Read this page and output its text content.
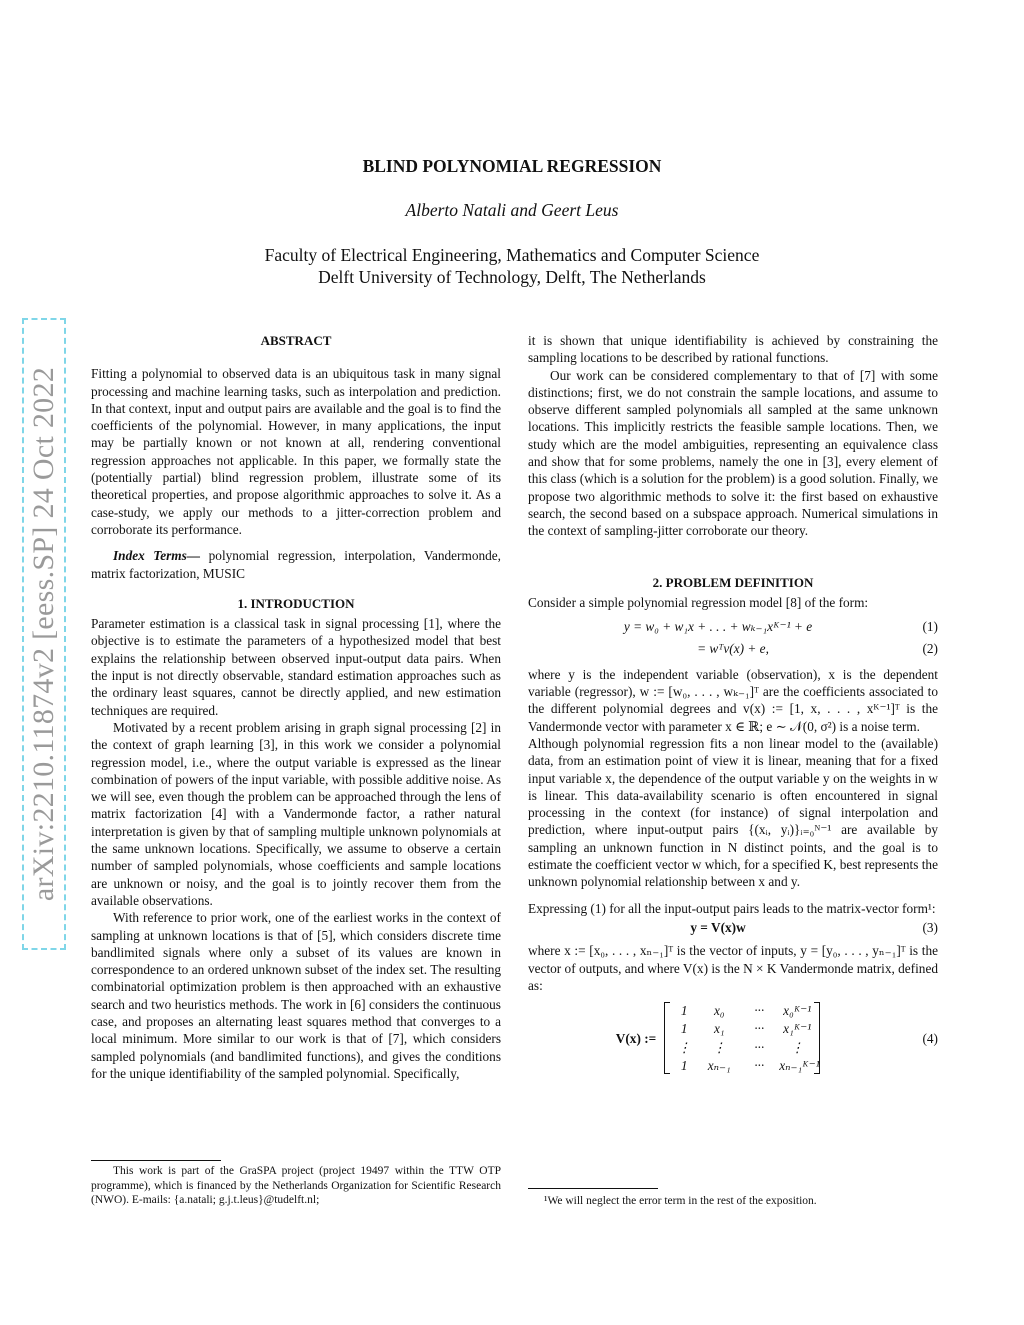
arXiv:2210.11874v2 [eess.SP] 24 Oct 2022
BLIND POLYNOMIAL REGRESSION
Alberto Natali and Geert Leus
Faculty of Electrical Engineering, Mathematics and Computer Science
Delft University of Technology, Delft, The Netherlands
ABSTRACT

Fitting a polynomial to observed data is an ubiquitous task in many signal processing and machine learning tasks, such as interpolation and prediction. In that context, input and output pairs are available and the goal is to find the coefficients of the polynomial. However, in many applications, the input may be partially known or not known at all, rendering conventional regression approaches not applicable. In this paper, we formally state the (potentially partial) blind regression problem, illustrate some of its theoretical properties, and propose algorithmic approaches to solve it. As a case-study, we apply our methods to a jitter-correction problem and corroborate its performance.

Index Terms— polynomial regression, interpolation, Vandermonde, matrix factorization, MUSIC

1. INTRODUCTION

Parameter estimation is a classical task in signal processing [1], where the objective is to estimate the parameters of a hypothesized model that best explains the relationship between observed input-output data pairs. When the input is not directly observable, standard estimation approaches such as the ordinary least squares, cannot be directly applied, and new estimation techniques are required.

Motivated by a recent problem arising in graph signal processing [2] in the context of graph learning [3], in this work we consider a polynomial regression model, i.e., where the output variable is expressed as the linear combination of powers of the input variable, with possible additive noise. As we will see, even though the problem can be approached through the lens of matrix factorization [4] with a Vandermonde factor, a rather natural interpretation is given by that of sampling multiple unknown polynomials at the same unknown locations. Specifically, we assume to observe a certain number of sampled polynomials, whose coefficients and sample locations are unknown or noisy, and the goal is to jointly recover them from the available observations.

With reference to prior work, one of the earliest works in the context of sampling at unknown locations is that of [5], which considers discrete time bandlimited signals where only a subset of its values are known in correspondence to an ordered unknown subset of the index set. The resulting combinatorial optimization problem is then approached with an exhaustive search and two heuristics methods. The work in [6] considers the continuous case, and proposes an alternating least squares method that converges to a local minimum. More similar to our work is that of [7], which considers sampled polynomials (and bandlimited functions), and gives the conditions for the unique identifiability of the sampled polynomial. Specifically,

This work is part of the GraSPA project (project 19497 within the TTW OTP programme), which is financed by the Netherlands Organization for Scientific Research (NWO). E-mails: {a.natali; g.j.t.leus}@tudelft.nl;

it is shown that unique identifiability is achieved by constraining the sampling locations to be described by rational functions.

Our work can be considered complementary to that of [7] with some distinctions; first, we do not constrain the sample locations, and assume to observe different sampled polynomials all sampled at the same unknown locations. This implicitly restricts the feasible sample locations. Then, we study which are the model ambiguities, representing an equivalence class and show that for some problems, namely the one in [3], every element of this class (which is a solution for the problem) is a good solution. Finally, we propose two algorithmic methods to solve it: the first based on exhaustive search, the second based on a subspace approach. Numerical simulations in the context of sampling-jitter corroborate our theory.

2. PROBLEM DEFINITION

Consider a simple polynomial regression model [8] of the form:

y = w₀ + w₁x + . . . + wₖ₋₁xᴷ⁻¹ + e	(1)
= wᵀv(x) + e,	(2)

where y is the independent variable (observation), x is the dependent variable (regressor), w := [w₀, . . . , wₖ₋₁]ᵀ are the coefficients associated to the different polynomial degrees and v(x) := [1, x, . . . , xᴷ⁻¹]ᵀ is the Vandermonde vector with parameter x ∈ ℝ; e ∼ 𝒩(0, σ²) is a noise term.

Although polynomial regression fits a non linear model to the (available) data, from an estimation point of view it is linear, meaning that for a fixed input variable x, the dependence of the output variable y on the weights in w is linear. This data-availability scenario is often encountered in signal processing in the context (for instance) of signal interpolation and prediction, where input-output pairs {(xᵢ, yᵢ)}ᵢ₌₀ᴺ⁻¹ are available by sampling an unknown function in N distinct points, and the goal is to estimate the coefficient vector w which, for a specified K, best represents the unknown polynomial relationship between x and y.

Expressing (1) for all the input-output pairs leads to the matrix-vector form¹:

y = V(x)w	(3)

where x := [x₀, . . . , xₙ₋₁]ᵀ is the vector of inputs, y = [y₀, . . . , yₙ₋₁]ᵀ is the vector of outputs, and where V(x) is the N × K Vandermonde matrix, defined as:

V(x) :=
1	x₀	···	x₀ᴷ⁻¹
1	x₁	···	x₁ᴷ⁻¹
⋮	⋮	···	⋮
1	xₙ₋₁	···	xₙ₋₁ᴷ⁻¹
(4)
¹We will neglect the error term in the rest of the exposition.
